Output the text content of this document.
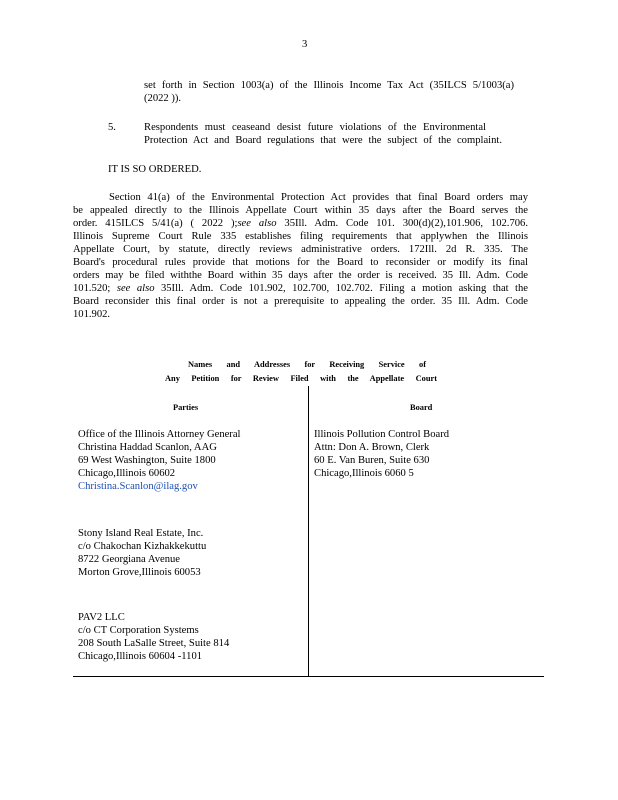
3
set forth in Section 1003(a) of the Illinois Income Tax Act (35ILCS 5/1003(a)
(2022 )).
5.	Respondents must ceaseand desist future violations of the Environmental
Protection Act and Board regulations that were the subject of the complaint.
IT IS SO ORDERED.
Section 41(a) of the Environmental Protection Act provides that final Board orders may
be appealed directly to the Illinois Appellate Court within 35 days after the Board serves the
order. 415ILCS 5/41(a) ( 2022 );see also 35Ill. Adm. Code 101. 300(d)(2),101.906, 102.706.
Illinois Supreme Court Rule 335 establishes filing requirements that applywhen the Illinois
Appellate Court, by statute, directly reviews administrative orders. 172Ill. 2d R. 335. The
Board's procedural rules provide that motions for the Board to reconsider or modify its final
orders may be filed withthe Board within 35 days after the order is received. 35 Ill. Adm. Code
101.520; see also 35Ill. Adm. Code 101.902, 102.700, 102.702. Filing a motion asking that the
Board reconsider this final order is not a prerequisite to appealing the order. 35 Ill. Adm. Code
101.902.
Names and Addresses for Receiving Service of
Any Petition for Review Filed with the Appellate Court
Parties	Board
Office of the Illinois Attorney General
Christina Haddad Scanlon, AAG
69 West Washington, Suite 1800
Chicago,Illinois 60602
Christina.Scanlon@ilag.gov
Stony Island Real Estate, Inc.
c/o Chakochan Kizhakkekuttu
8722 Georgiana Avenue
Morton Grove,Illinois 60053
PAV2 LLC
c/o CT Corporation Systems
208 South LaSalle Street, Suite 814
Chicago,Illinois 60604 -1101
Illinois Pollution Control Board
Attn: Don A. Brown, Clerk
60 E. Van Buren, Suite 630
Chicago,Illinois 6060 5
